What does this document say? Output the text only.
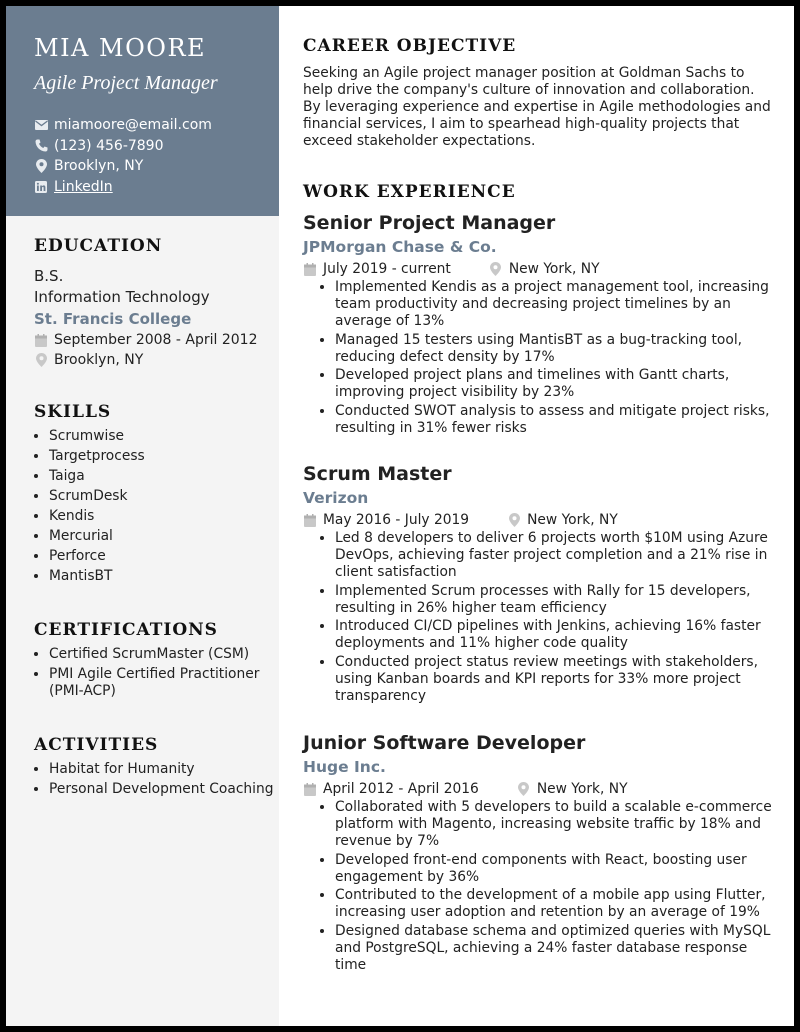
MIA MOORE
Agile Project Manager
miamoore@email.com
(123) 456-7890
Brooklyn, NY
LinkedIn
EDUCATION
B.S.
Information Technology
St. Francis College
September 2008 - April 2012
Brooklyn, NY
SKILLS
• Scrumwise
• Targetprocess
• Taiga
• ScrumDesk
• Kendis
• Mercurial
• Perforce
• MantisBT
CERTIFICATIONS
• Certified ScrumMaster (CSM)
• PMI Agile Certified Practitioner (PMI-ACP)
ACTIVITIES
• Habitat for Humanity
• Personal Development Coaching
CAREER OBJECTIVE

Seeking an Agile project manager position at Goldman Sachs to help drive the company's culture of innovation and collaboration. By leveraging experience and expertise in Agile methodologies and financial services, I aim to spearhead high-quality projects that exceed stakeholder expectations.

WORK EXPERIENCE
Senior Project Manager
JPMorgan Chase & Co.
July 2019 - current	New York, NY
• Implemented Kendis as a project management tool, increasing team productivity and decreasing project timelines by an average of 13%
• Managed 15 testers using MantisBT as a bug-tracking tool, reducing defect density by 17%
• Developed project plans and timelines with Gantt charts, improving project visibility by 23%
• Conducted SWOT analysis to assess and mitigate project risks, resulting in 31% fewer risks
Scrum Master
Verizon
May 2016 - July 2019	New York, NY
• Led 8 developers to deliver 6 projects worth $10M using Azure DevOps, achieving faster project completion and a 21% rise in client satisfaction
• Implemented Scrum processes with Rally for 15 developers, resulting in 26% higher team efficiency
• Introduced CI/CD pipelines with Jenkins, achieving 16% faster deployments and 11% higher code quality
• Conducted project status review meetings with stakeholders, using Kanban boards and KPI reports for 33% more project transparency
Junior Software Developer
Huge Inc.
April 2012 - April 2016	New York, NY
• Collaborated with 5 developers to build a scalable e-commerce platform with Magento, increasing website traffic by 18% and revenue by 7%
• Developed front-end components with React, boosting user engagement by 36%
• Contributed to the development of a mobile app using Flutter, increasing user adoption and retention by an average of 19%
• Designed database schema and optimized queries with MySQL and PostgreSQL, achieving a 24% faster database response time
